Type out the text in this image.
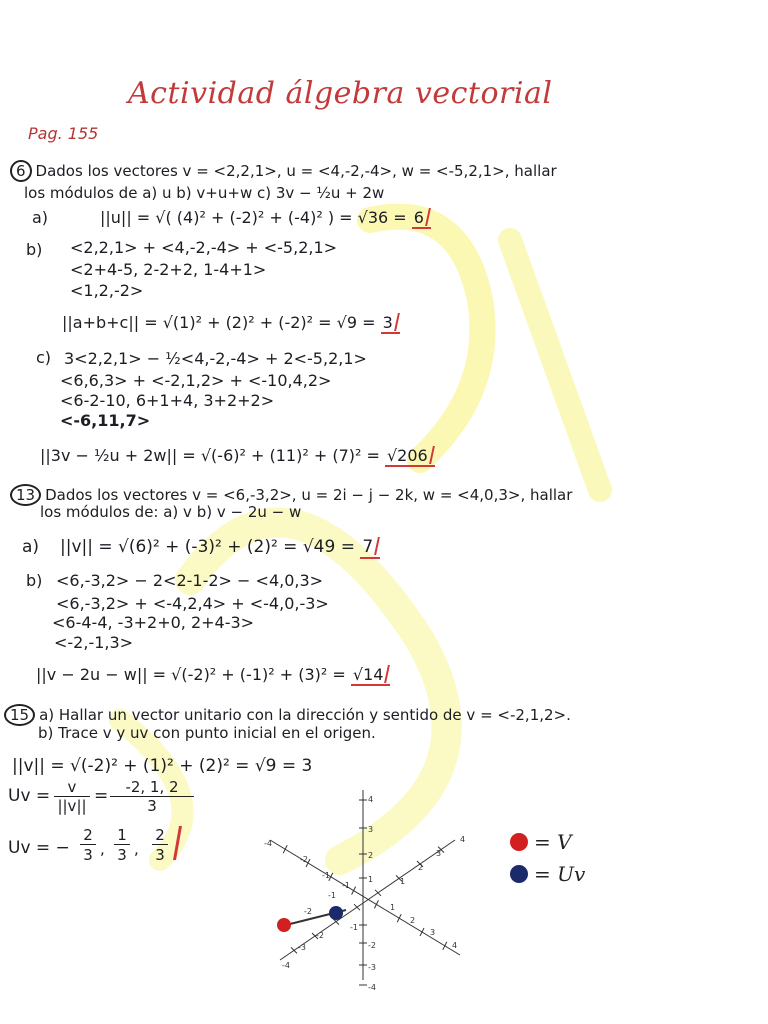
Actividad álgebra vectorial
Pag. 155
6 Dados los vectores v = <2,2,1>, u = <4,-2,-4>, w = <-5,2,1>, hallar
los módulos de a) u b) v+u+w c) 3v − ½u + 2w
a)	||u|| = √( (4)² + (-2)² + (-4)² ) = √36 = 6
b) <2,2,1> + <4,-2,-4> + <-5,2,1>
<2+4-5, 2-2+2, 1-4+1>
<1,2,-2>
||a+b+c|| = √(1)² + (2)² + (-2)² = √9 = 3
c) 3<2,2,1> − ½<4,-2,-4> + 2<-5,2,1>
<6,6,3> + <-2,1,2> + <-10,4,2>
<6-2-10, 6+1+4, 3+2+2>
<-6,11,7>
||3v − ½u + 2w|| = √(-6)² + (11)² + (7)² = √206
13 Dados los vectores v = <6,-3,2>, u = 2i − j − 2k, w = <4,0,3>, hallar
los módulos de: a) v b) v − 2u − w
a) ||v|| = √(6)² + (-3)² + (2)² = √49 = 7
b) <6,-3,2> − 2<2-1-2> − <4,0,3>
<6,-3,2> + <-4,2,4> + <-4,0,-3>
<6-4-4, -3+2+0, 2+4-3>
<-2,-1,3>
||v − 2u − w|| = √(-2)² + (-1)² + (3)² = √14
15 a) Hallar un vector unitario con la dirección y sentido de v = <-2,1,2>.
b) Trace v y uv con punto inicial en el origen.
||v|| = √(-2)² + (1)² + (2)² = √9 = 3
Uv =	v
||v|| =	-2, 1, 2
3
Uv = −
2
3 ,
1
3 ,
2
3
4
3
2
1
-1
-2
-3
-4
-4
-2
-1
1
2
3
4
-1
-2
-3
-4
4
3
2
1
-1
-2
= V
= Uv
